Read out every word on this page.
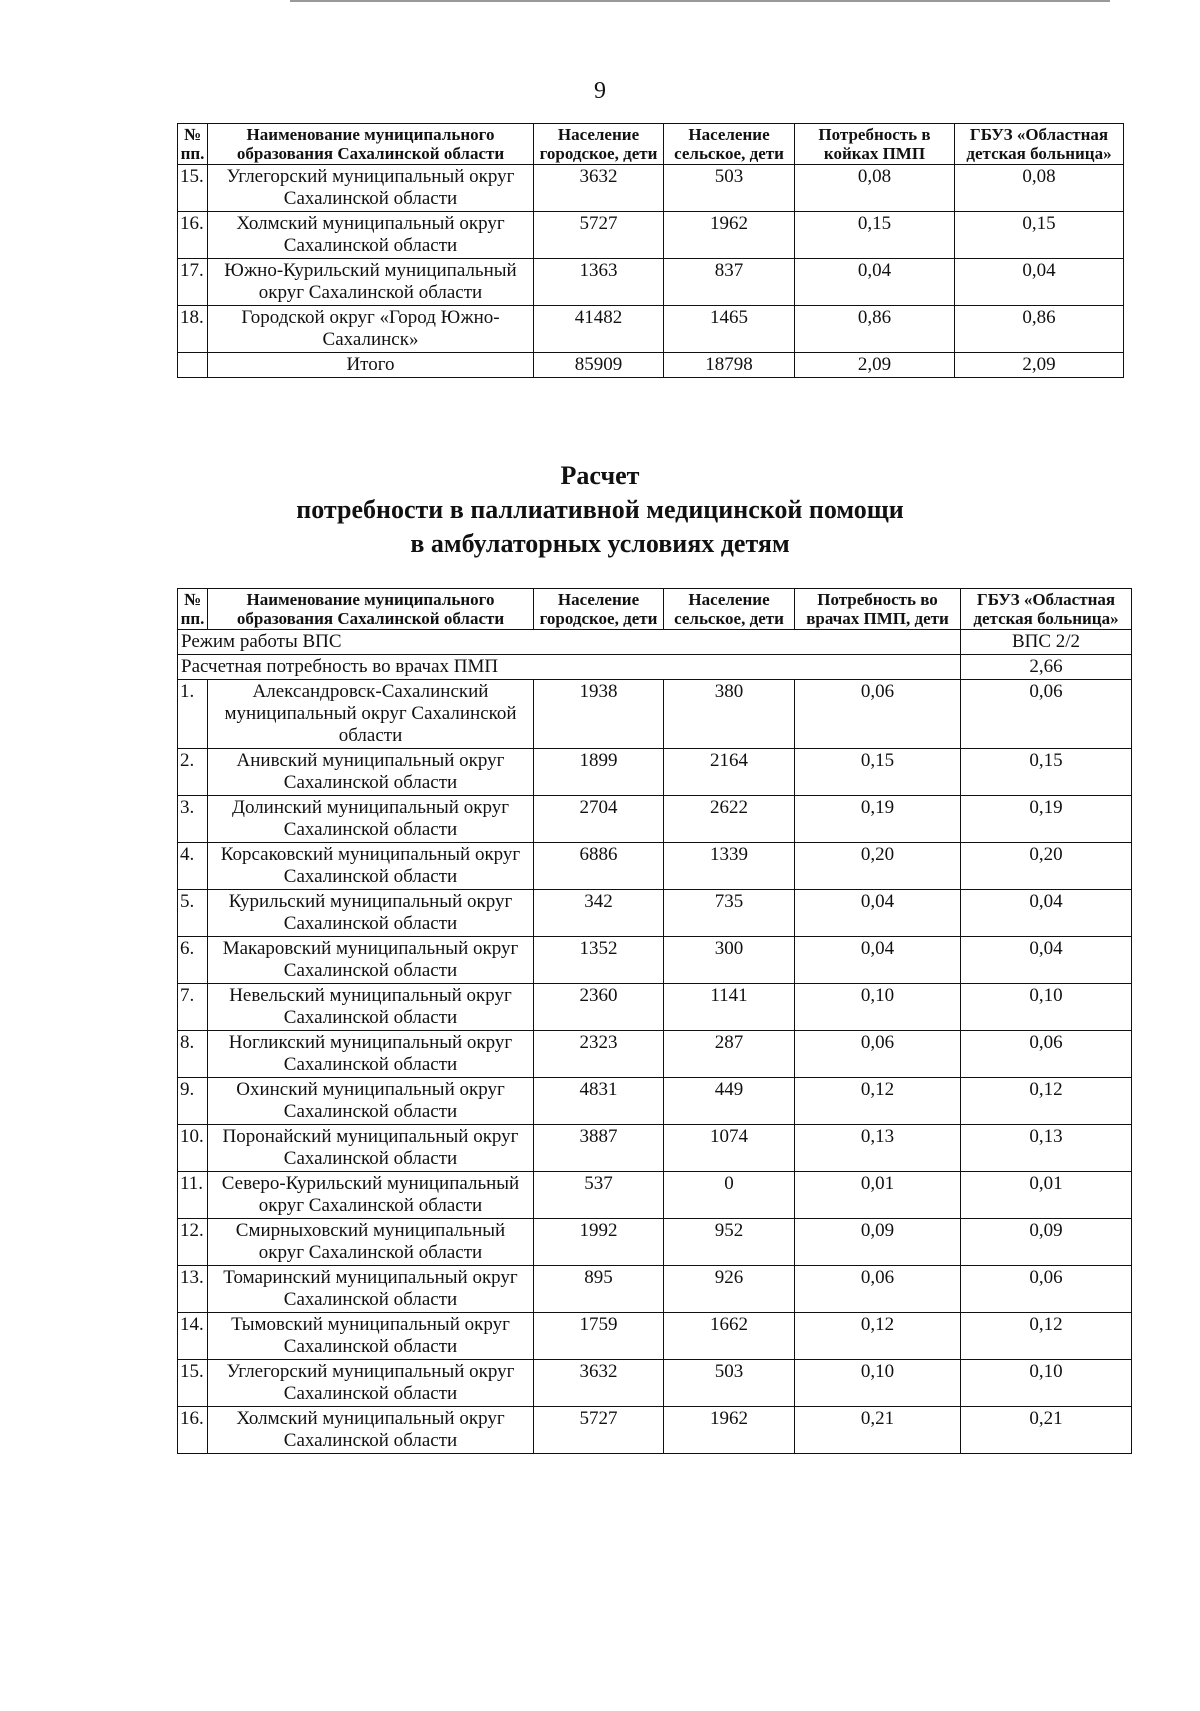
9
№ пп.	Наименование муниципального образования Сахалинской области	Население городское, дети	Население сельское, дети	Потребность в койках ПМП	ГБУЗ «Областная детская больница»
15.	Углегорский муниципальный округ Сахалинской области	3632	503	0,08	0,08
16.	Холмский муниципальный округ Сахалинской области	5727	1962	0,15	0,15
17.	Южно-Курильский муниципальный округ Сахалинской области	1363	837	0,04	0,04
18.	Городской округ «Город Южно-Сахалинск»	41482	1465	0,86	0,86
	Итого	85909	18798	2,09	2,09
Расчет
потребности в паллиативной медицинской помощи
в амбулаторных условиях детям
№ пп.	Наименование муниципального образования Сахалинской области	Население городское, дети	Население сельское, дети	Потребность во врачах ПМП, дети	ГБУЗ «Областная детская больница»
Режим работы ВПС					ВПС 2/2
Расчетная потребность во врачах ПМП					2,66
1.	Александровск-Сахалинский муниципальный округ Сахалинской области	1938	380	0,06	0,06
2.	Анивский муниципальный округ Сахалинской области	1899	2164	0,15	0,15
3.	Долинский муниципальный округ Сахалинской области	2704	2622	0,19	0,19
4.	Корсаковский муниципальный округ Сахалинской области	6886	1339	0,20	0,20
5.	Курильский муниципальный округ Сахалинской области	342	735	0,04	0,04
6.	Макаровский муниципальный округ Сахалинской области	1352	300	0,04	0,04
7.	Невельский муниципальный округ Сахалинской области	2360	1141	0,10	0,10
8.	Ногликский муниципальный округ Сахалинской области	2323	287	0,06	0,06
9.	Охинский муниципальный округ Сахалинской области	4831	449	0,12	0,12
10.	Поронайский муниципальный округ Сахалинской области	3887	1074	0,13	0,13
11.	Северо-Курильский муниципальный округ Сахалинской области	537	0	0,01	0,01
12.	Смирныховский муниципальный округ Сахалинской области	1992	952	0,09	0,09
13.	Томаринский муниципальный округ Сахалинской области	895	926	0,06	0,06
14.	Тымовский муниципальный округ Сахалинской области	1759	1662	0,12	0,12
15.	Углегорский муниципальный округ Сахалинской области	3632	503	0,10	0,10
16.	Холмский муниципальный округ Сахалинской области	5727	1962	0,21	0,21
